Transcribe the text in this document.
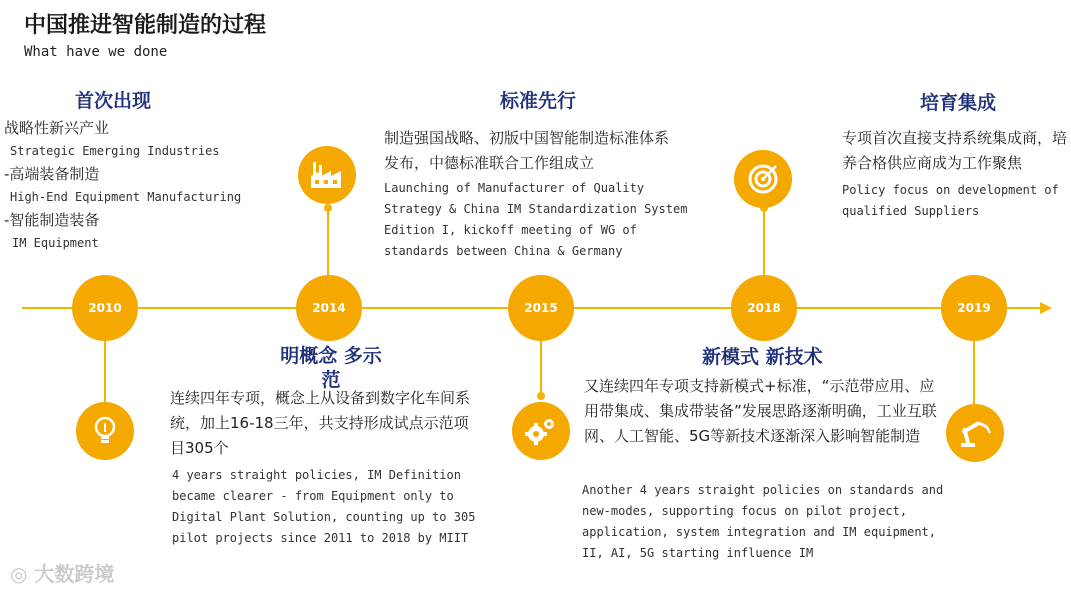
中国推进智能制造的过程
What have we done
2010	2014	2015	2018	2019
首次出现
战略性新兴产业
Strategic Emerging Industries
-高端装备制造
High-End Equipment Manufacturing
-智能制造装备
IM Equipment
明概念 多示
范
连续四年专项，概念上从设备到数字化车间系统，加上16-18三年，共支持形成试点示范项目305个
4 years straight policies, IM Definition became clearer - from Equipment only to Digital Plant Solution, counting up to 305 pilot projects since 2011 to 2018 by MIIT
标准先行
制造强国战略、初版中国智能制造标准体系发布，中德标准联合工作组成立
Launching of Manufacturer of Quality Strategy & China IM Standardization System Edition I, kickoff meeting of WG of standards between China & Germany
新模式 新技术
又连续四年专项支持新模式+标准，“示范带应用、应用带集成、集成带装备”发展思路逐渐明确，工业互联网、人工智能、5G等新技术逐渐深入影响智能制造
Another 4 years straight policies on standards and new-modes, supporting focus on pilot project, application, system integration and IM equipment, II, AI, 5G starting influence IM
培育集成
专项首次直接支持系统集成商，培养合格供应商成为工作聚焦
Policy focus on development of qualified Suppliers
◎ 大数跨境
